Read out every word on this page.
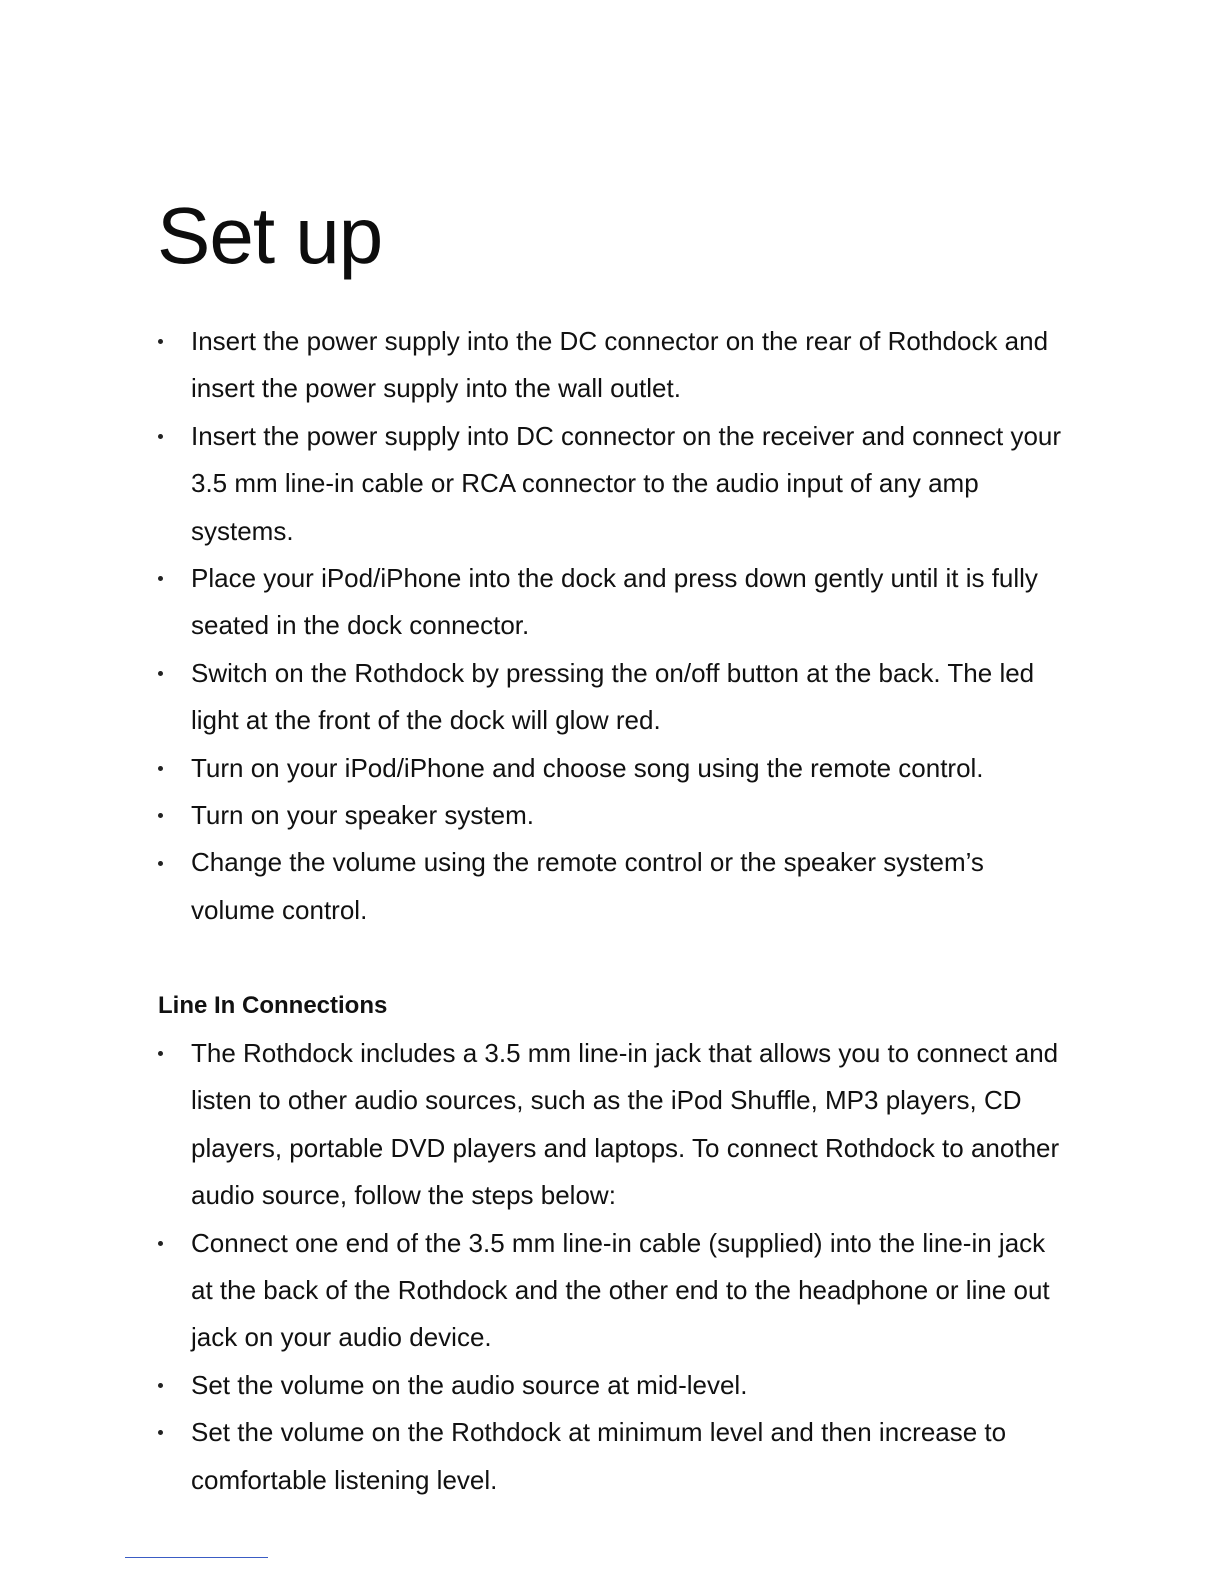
Set up
Insert the power supply into the DC connector on the rear of Rothdock and insert the power supply into the wall outlet.
Insert the power supply into DC connector on the receiver and connect your 3.5 mm line-in cable or RCA connector to the audio input of any amp systems.
Place your iPod/iPhone into the dock and press down gently until it is fully seated in the dock connector.
Switch on the Rothdock by pressing the on/off button at the back. The led light at the front of the dock will glow red.
Turn on your iPod/iPhone and choose song using the remote control.
Turn on your speaker system.
Change the volume using the remote control or the speaker system’s volume control.
Line In Connections
The Rothdock includes a 3.5 mm line-in jack that allows you to connect and listen to other audio sources, such as the iPod Shuffle, MP3 players, CD players, portable DVD players and laptops. To connect Rothdock to another audio source, follow the steps below:
Connect one end of the 3.5 mm line-in cable (supplied) into the line-in jack at the back of the Rothdock and the other end to the headphone or line out jack on your audio device.
Set the volume on the audio source at mid-level.
Set the volume on the Rothdock at minimum level and then increase to comfortable listening level.
